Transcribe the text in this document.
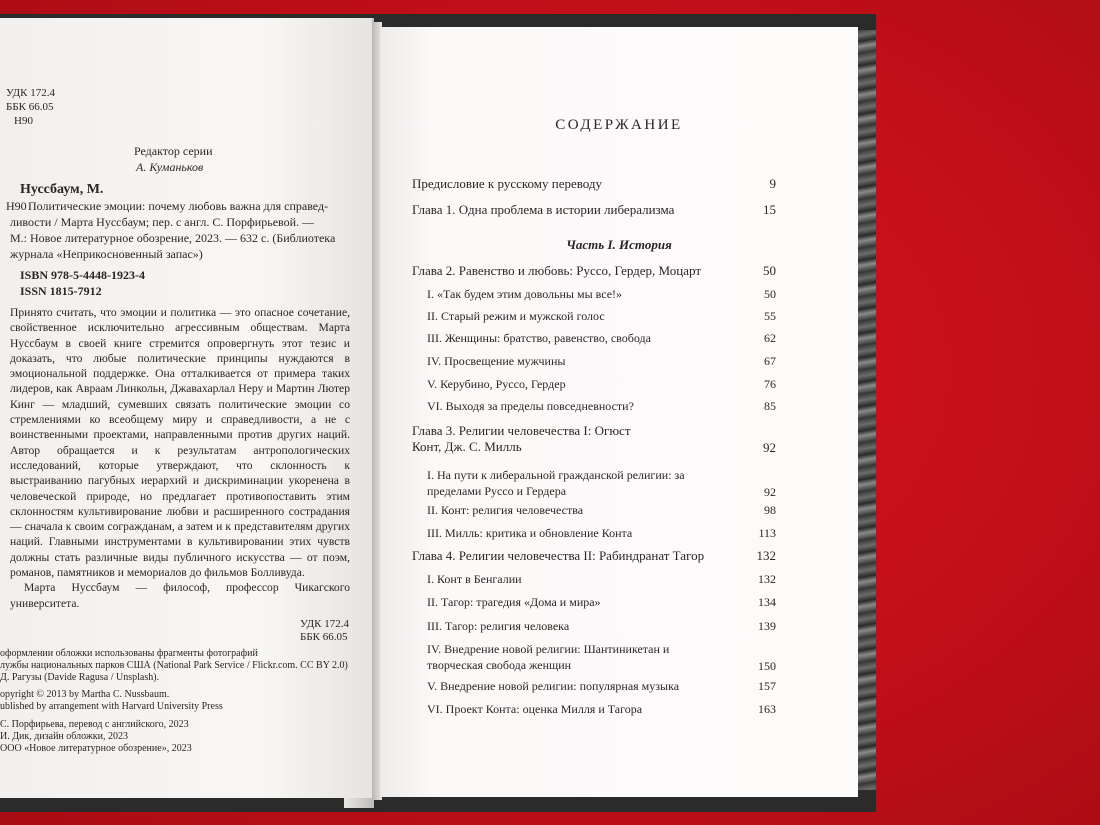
УДК 172.4
ББК 66.05
Н90
Редактор серии
А. Куманьков
Нуссбаум, М.
Н90 Политические эмоции: почему любовь важна для справед-
ливости / Марта Нуссбаум; пер. с англ. С. Порфирьевой. —
М.: Новое литературное обозрение, 2023. — 632 с. (Библиотека
журнала «Неприкосновенный запас»)
ISBN 978-5-4448-1923-4
ISSN 1815-7912

Принято считать, что эмоции и политика — это опасное сочетание, свойственное исключительно агрессивным обществам. Марта Нуссбаум в своей книге стремится опровергнуть этот тезис и доказать, что любые политические принципы нуждаются в эмоциональной поддержке. Она отталкивается от примера таких лидеров, как Авраам Линкольн, Джавахарлал Неру и Мартин Лютер Кинг — младший, сумевших связать политические эмоции со стремлениями ко всеобщему миру и справедливости, а не с воинственными проектами, направленными против других наций. Автор обращается и к результатам антропологических исследований, которые утверждают, что склонность к выстраиванию пагубных иерархий и дискриминации укоренена в человеческой природе, но предлагает противопоставить этим склонностям культивирование любви и расширенного сострадания — сначала к своим согражданам, а затем и к представителям других наций. Главными инструментами в культивировании этих чувств должны стать различные виды публичного искусства — от поэм, романов, памятников и мемориалов до фильмов Болливуда.

Марта Нуссбаум — философ, профессор Чикагского университета.

УДК 172.4
ББК 66.05
оформлении обложки использованы фрагменты фотографий
лужбы национальных парков США (National Park Service / Flickr.com. CC BY 2.0)
Д. Рагузы (Davide Ragusa / Unsplash).
opyright © 2013 by Martha C. Nussbaum.
ublished by arrangement with Harvard University Press
С. Порфирьева, перевод с английского, 2023
И. Дик, дизайн обложки, 2023
ООО «Новое литературное обозрение», 2023
СОДЕРЖАНИЕ
Предисловие к русскому переводу	9
Глава 1. Одна проблема в истории либерализма	15
Часть I. История
Глава 2. Равенство и любовь: Руссо, Гердер, Моцарт	50
I. «Так будем этим довольны мы все!»	50
II. Старый режим и мужской голос	55
III. Женщины: братство, равенство, свобода	62
IV. Просвещение мужчины	67
V. Керубино, Руссо, Гердер	76
VI. Выходя за пределы повседневности?	85
Глава 3. Религии человечества I: Огюст Конт, Дж. С. Милль	92
I. На пути к либеральной гражданской религии: за пределами Руссо и Гердера	92
II. Конт: религия человечества	98
III. Милль: критика и обновление Конта	113
Глава 4. Религии человечества II: Рабиндранат Тагор	132
I. Конт в Бенгалии	132
II. Тагор: трагедия «Дома и мира»	134
III. Тагор: религия человека	139
IV. Внедрение новой религии: Шантиникетан и творческая свобода женщин	150
V. Внедрение новой религии: популярная музыка	157
VI. Проект Конта: оценка Милля и Тагора	163
